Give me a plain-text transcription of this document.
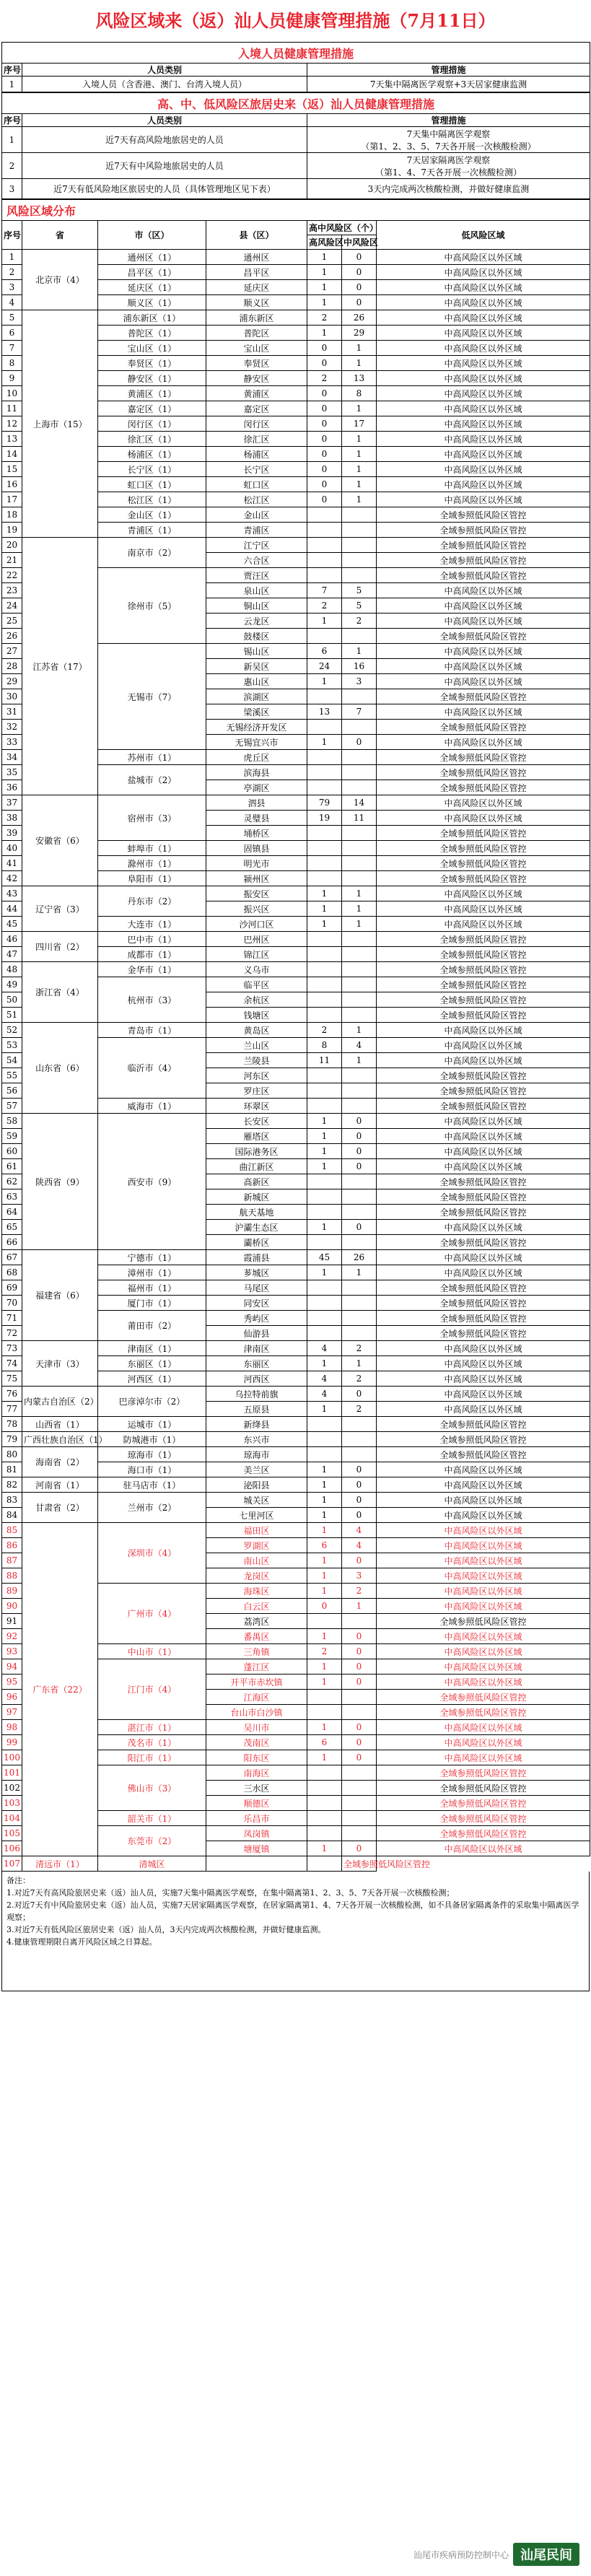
风险区域来（返）汕人员健康管理措施（7月11日）
入境人员健康管理措施		
序号	人员类别	管理措施
1	入境人员（含香港、澳门、台湾入境人员）	7天集中隔离医学观察+3天居家健康监测
高、中、低风险区旅居史来（返）汕人员健康管理措施		
序号	人员类别	管理措施
1	近7天有高风险地旅居史的人员	7天集中隔离医学观察
（第1、2、3、5、7天各开展一次核酸检测）

2	近7天有中风险地旅居史的人员	7天居家隔离医学观察
（第1、4、7天各开展一次核酸检测）

3	近7天有低风险地区旅居史的人员（具体管理地区见下表）	3天内完成两次核酸检测，并做好健康监测
风险区域分布						
序号	省	市（区）	县（区）	高中风险区（个）		低风险区域
				高风险区	中风险区	
1	北京市（4）	通州区（1）	通州区	1	0	中高风险区以外区域
2		昌平区（1）	昌平区	1	0	中高风险区以外区域
3		延庆区（1）	延庆区	1	0	中高风险区以外区域
4		顺义区（1）	顺义区	1	0	中高风险区以外区域
5	上海市（15）	浦东新区（1）	浦东新区	2	26	中高风险区以外区域
6		普陀区（1）	普陀区	1	29	中高风险区以外区域
7		宝山区（1）	宝山区	0	1	中高风险区以外区域
8		奉贤区（1）	奉贤区	0	1	中高风险区以外区域
9		静安区（1）	静安区	2	13	中高风险区以外区域
10		黄浦区（1）	黄浦区	0	8	中高风险区以外区域
11		嘉定区（1）	嘉定区	0	1	中高风险区以外区域
12		闵行区（1）	闵行区	0	17	中高风险区以外区域
13		徐汇区（1）	徐汇区	0	1	中高风险区以外区域
14		杨浦区（1）	杨浦区	0	1	中高风险区以外区域
15		长宁区（1）	长宁区	0	1	中高风险区以外区域
16		虹口区（1）	虹口区	0	1	中高风险区以外区域
17		松江区（1）	松江区	0	1	中高风险区以外区域
18		金山区（1）	金山区			全域参照低风险区管控
19		青浦区（1）	青浦区			全域参照低风险区管控
20	江苏省（17）	南京市（2）	江宁区			全域参照低风险区管控
21			六合区			全域参照低风险区管控
22		徐州市（5）	贾汪区			全域参照低风险区管控
23			泉山区	7	5	中高风险区以外区域
24			铜山区	2	5	中高风险区以外区域
25			云龙区	1	2	中高风险区以外区域
26			鼓楼区			全域参照低风险区管控
27		无锡市（7）	锡山区	6	1	中高风险区以外区域
28			新吴区	24	16	中高风险区以外区域
29			惠山区	1	3	中高风险区以外区域
30			滨湖区			全域参照低风险区管控
31			梁溪区	13	7	中高风险区以外区域
32			无锡经济开发区			全域参照低风险区管控
33			无锡宜兴市	1	0	中高风险区以外区域
34		苏州市（1）	虎丘区			全域参照低风险区管控
35		盐城市（2）	滨海县			全域参照低风险区管控
36			亭湖区			全域参照低风险区管控
37	安徽省（6）	宿州市（3）	泗县	79	14	中高风险区以外区域
38			灵璧县	19	11	中高风险区以外区域
39			埇桥区			全域参照低风险区管控
40		蚌埠市（1）	固镇县			全域参照低风险区管控
41		滁州市（1）	明光市			全域参照低风险区管控
42		阜阳市（1）	颍州区			全域参照低风险区管控
43	辽宁省（3）	丹东市（2）	振安区	1	1	中高风险区以外区域
44			振兴区	1	1	中高风险区以外区域
45		大连市（1）	沙河口区	1	1	中高风险区以外区域
46	四川省（2）	巴中市（1）	巴州区			全域参照低风险区管控
47		成都市（1）	锦江区			全域参照低风险区管控
48	浙江省（4）	金华市（1）	义乌市			全域参照低风险区管控
49		杭州市（3）	临平区			全域参照低风险区管控
50			余杭区			全域参照低风险区管控
51			钱塘区			全域参照低风险区管控
52	山东省（6）	青岛市（1）	黄岛区	2	1	中高风险区以外区域
53		临沂市（4）	兰山区	8	4	中高风险区以外区域
54			兰陵县	11	1	中高风险区以外区域
55			河东区			全域参照低风险区管控
56			罗庄区			全域参照低风险区管控
57		威海市（1）	环翠区			全域参照低风险区管控
58	陕西省（9）	西安市（9）	长安区	1	0	中高风险区以外区域
59			雁塔区	1	0	中高风险区以外区域
60			国际港务区	1	0	中高风险区以外区域
61			曲江新区	1	0	中高风险区以外区域
62			高新区			全域参照低风险区管控
63			新城区			全域参照低风险区管控
64			航天基地			全域参照低风险区管控
65			沪灞生态区	1	0	中高风险区以外区域
66			灞桥区			全域参照低风险区管控
67	福建省（6）	宁德市（1）	霞浦县	45	26	中高风险区以外区域
68		漳州市（1）	芗城区	1	1	中高风险区以外区域
69		福州市（1）	马尾区			全域参照低风险区管控
70		厦门市（1）	同安区			全域参照低风险区管控
71		莆田市（2）	秀屿区			全域参照低风险区管控
72			仙游县			全域参照低风险区管控
73	天津市（3）	津南区（1）	津南区	4	2	中高风险区以外区域
74		东丽区（1）	东丽区	1	1	中高风险区以外区域
75		河西区（1）	河西区	4	2	中高风险区以外区域
76	内蒙古自治区（2）	巴彦淖尔市（2）	乌拉特前旗	4	0	中高风险区以外区域
77			五原县	1	2	中高风险区以外区域
78	山西省（1）	运城市（1）	新绛县			全域参照低风险区管控
79	广西壮族自治区（1）	防城港市（1）	东兴市			全域参照低风险区管控
80	海南省（2）	琼海市（1）	琼海市			全域参照低风险区管控
81		海口市（1）	美兰区	1	0	中高风险区以外区域
82	河南省（1）	驻马店市（1）	泌阳县	1	0	中高风险区以外区域
83	甘肃省（2）	兰州市（2）	城关区	1	0	中高风险区以外区域
84			七里河区	1	0	中高风险区以外区域
85	广东省（22）	深圳市（4）	福田区	1	4	中高风险区以外区域
86			罗湖区	6	4	中高风险区以外区域
87			南山区	1	0	中高风险区以外区域
88			龙岗区	1	3	中高风险区以外区域
89		广州市（4）	海珠区	1	2	中高风险区以外区域
90			白云区	0	1	中高风险区以外区域
91			荔湾区			全域参照低风险区管控
92			番禺区	1	0	中高风险区以外区域
93		中山市（1）	三角镇	2	0	中高风险区以外区域
94		江门市（4）	蓬江区	1	0	中高风险区以外区域
95			开平市赤坎镇	1	0	中高风险区以外区域
96			江海区			全域参照低风险区管控
97			台山市白沙镇			全域参照低风险区管控
98		湛江市（1）	吴川市	1	0	中高风险区以外区域
99		茂名市（1）	茂南区	6	0	中高风险区以外区域
100		阳江市（1）	阳东区	1	0	中高风险区以外区域
101		佛山市（3）	南海区			全域参照低风险区管控
102			三水区			全域参照低风险区管控
103			顺德区			全域参照低风险区管控
104		韶关市（1）	乐昌市			全域参照低风险区管控
105		东莞市（2）	凤岗镇			全域参照低风险区管控
106			塘厦镇	1	0	中高风险区以外区域
107	清远市（1）	清城区			全域参照低风险区管控	
备注：
1.对近7天有高风险旅居史来（返）汕人员，实施7天集中隔离医学观察，在集中隔离第1、2、3、5、7天各开展一次核酸检测；
2.对近7天有中风险旅居史来（返）汕人员，实施7天居家隔离医学观察，在居家隔离第1、4、7天各开展一次核酸检测，如不具备居家隔离条件的采取集中隔离医学观察；
3.对近7天有低风险区旅居史来（返）汕人员，3天内完成两次核酸检测，并做好健康监测。
4.健康管理期限自离开风险区域之日算起。
汕尾市疾病预防控制中心 汕尾民间
